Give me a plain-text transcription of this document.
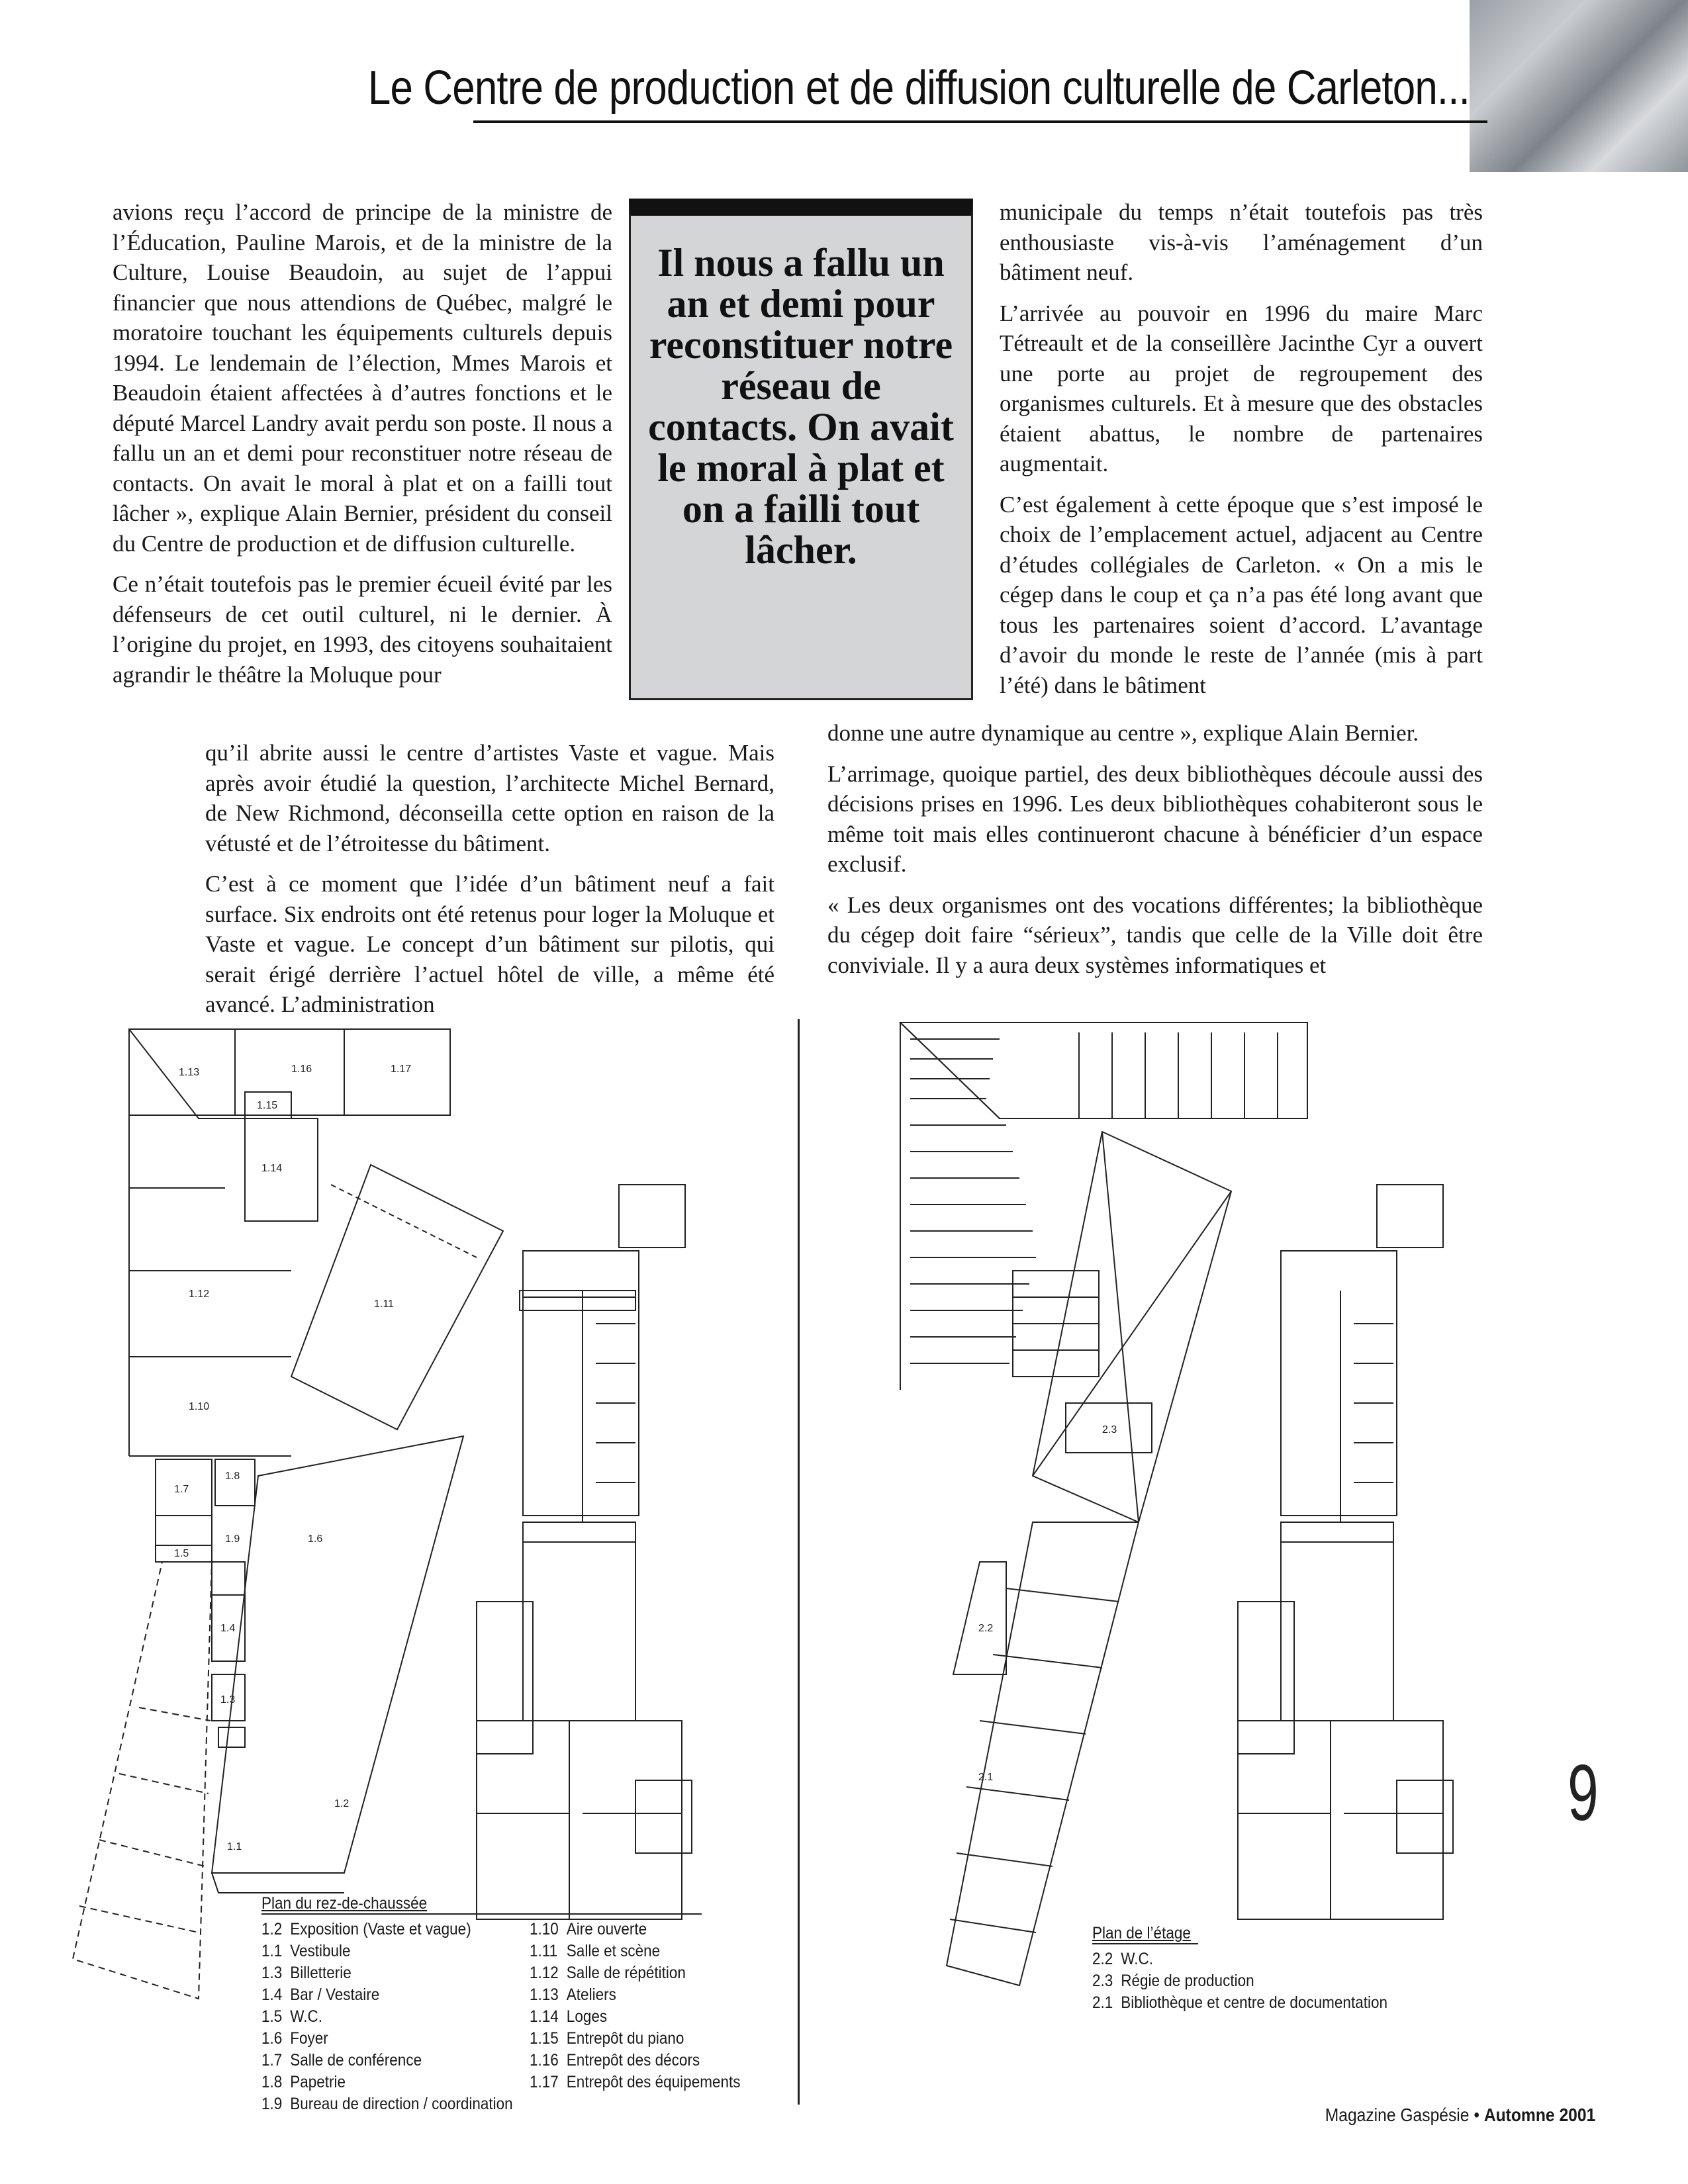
Le Centre de production et de diffusion culturelle de Carleton...

avions reçu l’accord de principe de la ministre de l’Éducation, Pauline Marois, et de la ministre de la Culture, Louise Beaudoin, au sujet de l’appui financier que nous attendions de Québec, malgré le moratoire touchant les équipements culturels depuis 1994. Le lendemain de l’élection, Mmes Marois et Beaudoin étaient affectées à d’autres fonctions et le député Marcel Landry avait perdu son poste. Il nous a fallu un an et demi pour reconstituer notre réseau de contacts. On avait le moral à plat et on a failli tout lâcher », explique Alain Bernier, président du conseil du Centre de production et de diffusion culturelle.

Ce n’était toutefois pas le premier écueil évité par les défenseurs de cet outil culturel, ni le dernier. À l’origine du projet, en 1993, des citoyens souhaitaient agrandir le théâtre la Moluque pour

Il nous a fallu un an et demi pour reconstituer notre réseau de contacts. On avait le moral à plat et on a failli tout lâcher.

municipale du temps n’était toutefois pas très enthousiaste vis-à-vis l’aménagement d’un bâtiment neuf.

L’arrivée au pouvoir en 1996 du maire Marc Tétreault et de la conseillère Jacinthe Cyr a ouvert une porte au projet de regroupement des organismes culturels. Et à mesure que des obstacles étaient abattus, le nombre de partenaires augmentait.

C’est également à cette époque que s’est imposé le choix de l’emplacement actuel, adjacent au Centre d’études collégiales de Carleton. « On a mis le cégep dans le coup et ça n’a pas été long avant que tous les partenaires soient d’accord. L’avantage d’avoir du monde le reste de l’année (mis à part l’été) dans le bâtiment

qu’il abrite aussi le centre d’artistes Vaste et vague. Mais après avoir étudié la question, l’architecte Michel Bernard, de New Richmond, déconseilla cette option en raison de la vétusté et de l’étroitesse du bâtiment.

C’est à ce moment que l’idée d’un bâtiment neuf a fait surface. Six endroits ont été retenus pour loger la Moluque et Vaste et vague. Le concept d’un bâtiment sur pilotis, qui serait érigé derrière l’actuel hôtel de ville, a même été avancé. L’administration

donne une autre dynamique au centre », explique Alain Bernier.

L’arrimage, quoique partiel, des deux bibliothèques découle aussi des décisions prises en 1996. Les deux bibliothèques cohabiteront sous le même toit mais elles continueront chacune à bénéficier d’un espace exclusif.

« Les deux organismes ont des vocations différentes; la bibliothèque du cégep doit faire “sérieux”, tandis que celle de la Ville doit être conviviale. Il y a aura deux systèmes informatiques et

1.13	1.16	1.17
1.15
1.14
1.12
1.11
1.10
1.8
1.7
1.5
1.9	1.6
1.4
1.3
1.2
1.1
2.3
2.2
2.1
Plan du rez-de-chaussée
1.2 Exposition (Vaste et vague)
1.1 Vestibule
1.3 Billetterie
1.4 Bar / Vestaire
1.5 W.C.
1.6 Foyer
1.7 Salle de conférence
1.8 Papetrie
1.9 Bureau de direction / coordination
1.10 Aire ouverte
1.11 Salle et scène
1.12 Salle de répétition
1.13 Ateliers
1.14 Loges
1.15 Entrepôt du piano
1.16 Entrepôt des décors
1.17 Entrepôt des équipements
Plan de l’étage
2.2 W.C.
2.3 Régie de production
2.1 Bibliothèque et centre de documentation
9
Magazine Gaspésie • Automne 2001
